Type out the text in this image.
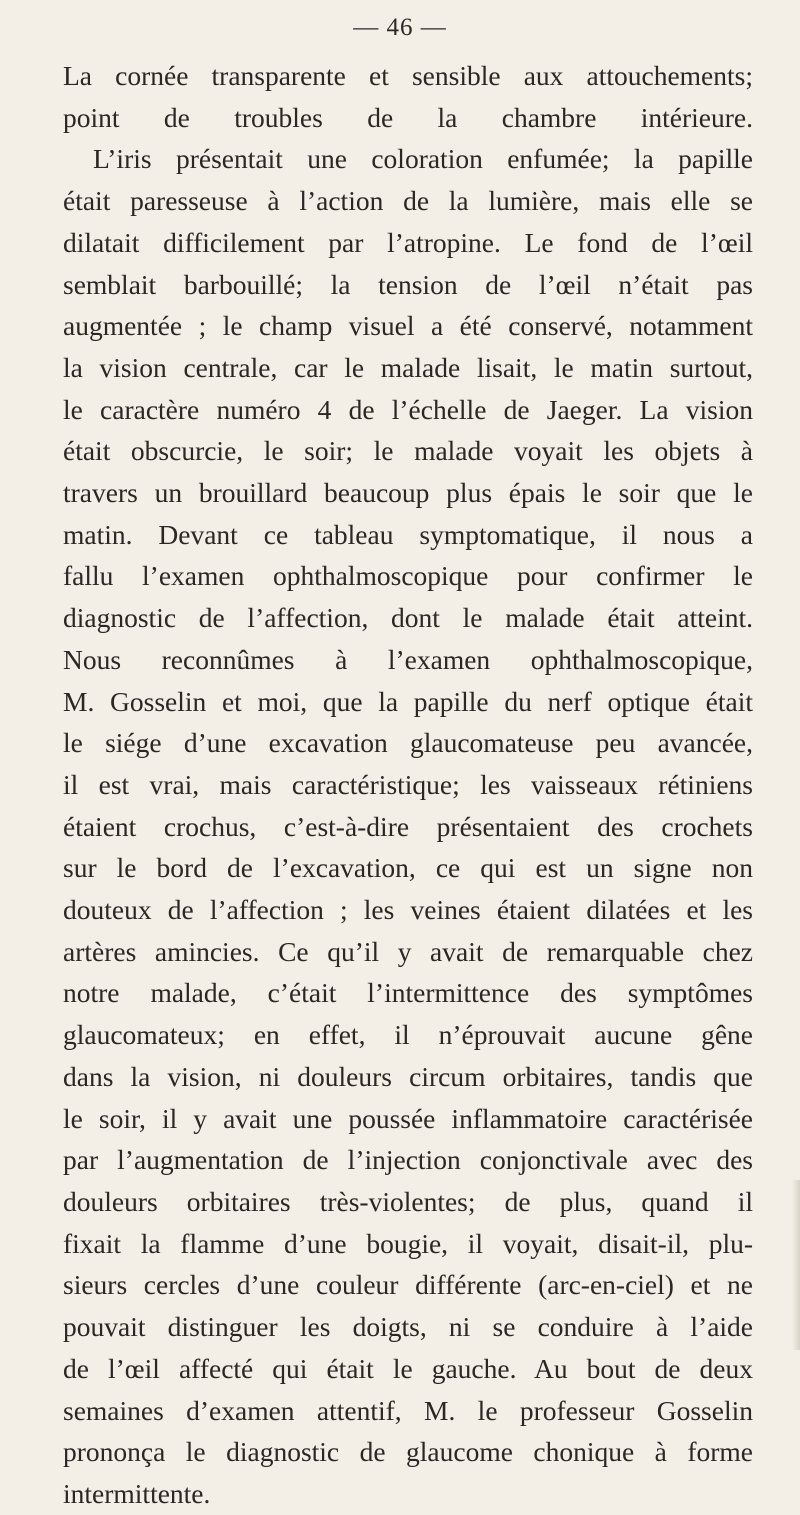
— 46 —
La cornée transparente et sensible aux attouchements;
point de troubles de la chambre intérieure.
L’iris présentait une coloration enfumée; la papille
était paresseuse à l’action de la lumière, mais elle se
dilatait difficilement par l’atropine. Le fond de l’œil
semblait barbouillé; la tension de l’œil n’était pas
augmentée ; le champ visuel a été conservé, notamment
la vision centrale, car le malade lisait, le matin surtout,
le caractère numéro 4 de l’échelle de Jaeger. La vision
était obscurcie, le soir; le malade voyait les objets à
travers un brouillard beaucoup plus épais le soir que le
matin. Devant ce tableau symptomatique, il nous a
fallu l’examen ophthalmoscopique pour confirmer le
diagnostic de l’affection, dont le malade était atteint.
Nous reconnûmes à l’examen ophthalmoscopique,
M. Gosselin et moi, que la papille du nerf optique était
le siége d’une excavation glaucomateuse peu avancée,
il est vrai, mais caractéristique; les vaisseaux rétiniens
étaient crochus, c’est-à-dire présentaient des crochets
sur le bord de l’excavation, ce qui est un signe non
douteux de l’affection ; les veines étaient dilatées et les
artères amincies. Ce qu’il y avait de remarquable chez
notre malade, c’était l’intermittence des symptômes
glaucomateux; en effet, il n’éprouvait aucune gêne
dans la vision, ni douleurs circum orbitaires, tandis que
le soir, il y avait une poussée inflammatoire caractérisée
par l’augmentation de l’injection conjonctivale avec des
douleurs orbitaires très-violentes; de plus, quand il
fixait la flamme d’une bougie, il voyait, disait-il, plu-
sieurs cercles d’une couleur différente (arc-en-ciel) et ne
pouvait distinguer les doigts, ni se conduire à l’aide
de l’œil affecté qui était le gauche. Au bout de deux
semaines d’examen attentif, M. le professeur Gosselin
prononça le diagnostic de glaucome chonique à forme
intermittente.
